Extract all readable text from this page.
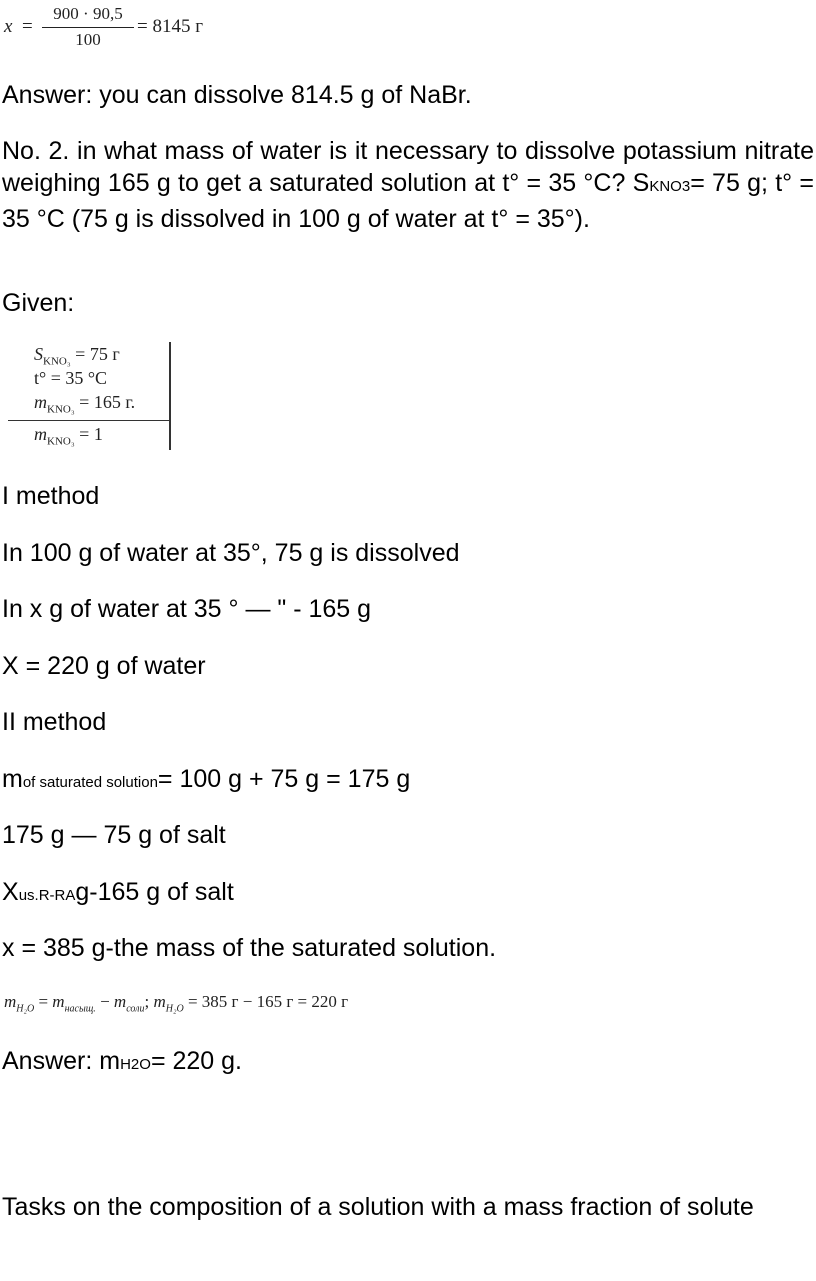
x =
900 · 90,5
100
= 8145 г

Answer: you can dissolve 814.5 g of NaBr.

No. 2. in what mass of water is it necessary to dissolve potassium nitrate weighing 165 g to get a saturated solution at t° = 35 °C? SKNO3= 75 g; t° = 35 °C (75 g is dissolved in 100 g of water at t° = 35°).

Given:

$S_{KNO_3} = 75$ г
t° = 35 °C
$m_{KNO_3} = 165$ г.
$m_{KNO_3} = 1$

I method

In 100 g of water at 35°, 75 g is dissolved

In x g of water at 35 ° — " - 165 g

X = 220 g of water

II method

mof saturated solution= 100 g + 75 g = 175 g

175 g — 75 g of salt

Xus.R-RAg-165 g of salt

x = 385 g-the mass of the saturated solution.

$m_{H_2O} = m_{насыщ.} - m_{соли}$; $m_{H_2O} = 385$ г − 165 г = 220 г

Answer: mH2O= 220 g.

Tasks on the composition of a solution with a mass fraction of solute
